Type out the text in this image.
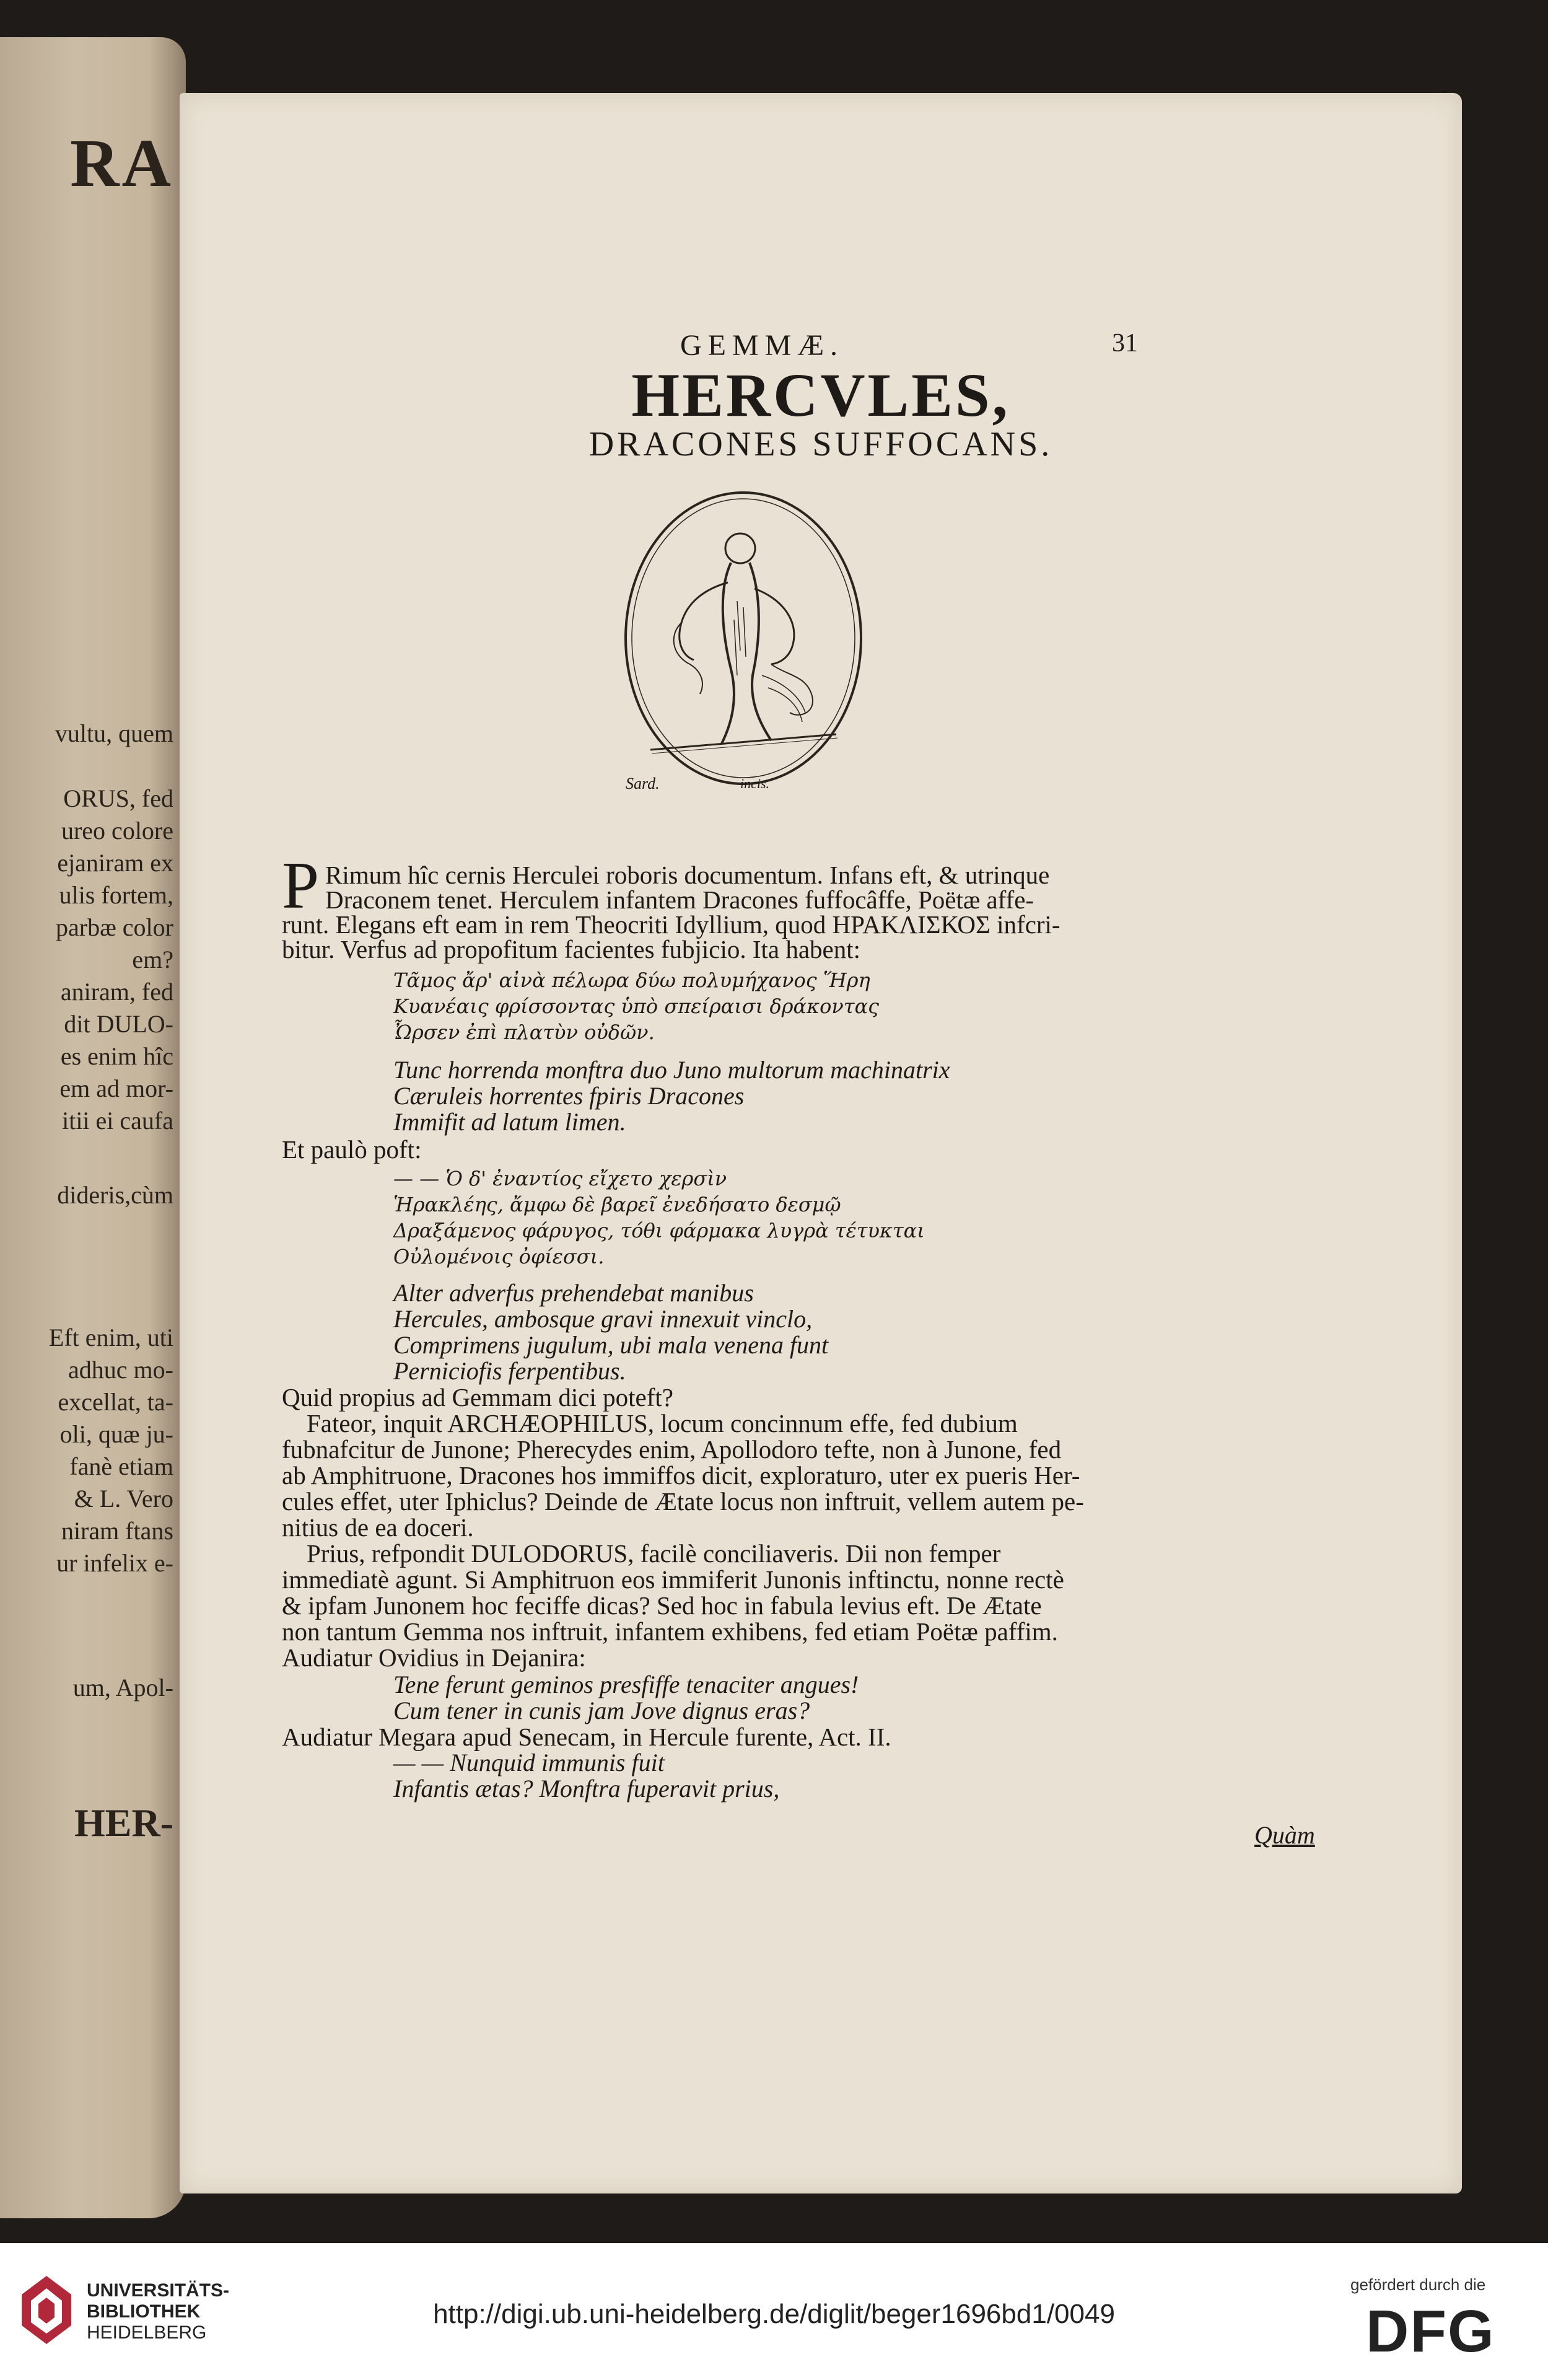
RA
vultu, quem
ORUS, fed
ureo colore
ejaniram ex
ulis fortem,
parbæ color
em?
aniram, fed
dit DULO-
es enim hîc
em ad mor-
itii ei caufa
dideris,cùm
Eft enim, uti
adhuc mo-
excellat, ta-
oli, quæ ju-
fanè etiam
& L. Vero
niram ftans
ur infelix e-
um, Apol-
HER-
GEMMÆ.	31
HERCVLES,
DRACONES SUFFOCANS.
Sard.	incis.
P Rimum hîc cernis Herculei roboris documentum. Infans eft, & utrinque
Draconem tenet. Herculem infantem Dracones fuffocâffe, Poëtæ affe-
runt. Elegans eft eam in rem Theocriti Idyllium, quod ΗΡΑΚΛΙΣΚΟΣ infcri-
bitur. Verfus ad propofitum facientes fubjicio. Ita habent:
Τᾶμος ἄρ' αἰνὰ πέλωρα δύω πολυμήχανος Ἥρη
Κυανέαις φρίσσοντας ὑπὸ σπείραισι δράκοντας
Ὦρσεν ἐπὶ πλατὺν οὐδῶν.
Tunc horrenda monftra duo Juno multorum machinatrix
Cæruleis horrentes fpiris Dracones
Immifit ad latum limen.
Et paulò poft:
— — Ὁ δ' ἐναντίος εἴχετο χερσὶν
Ἡρακλέης, ἄμφω δὲ βαρεῖ ἐνεδήσατο δεσμῷ
Δραξάμενος φάρυγος, τόθι φάρμακα λυγρὰ τέτυκται
Οὐλομένοις ὀφίεσσι.
Alter adverfus prehendebat manibus
Hercules, ambosque gravi innexuit vinclo,
Comprimens jugulum, ubi mala venena funt
Perniciofis ferpentibus.
Quid propius ad Gemmam dici poteft?
Fateor, inquit ARCHÆOPHILUS, locum concinnum effe, fed dubium
fubnafcitur de Junone; Pherecydes enim, Apollodoro tefte, non à Junone, fed
ab Amphitruone, Dracones hos immiffos dicit, exploraturo, uter ex pueris Her-
cules effet, uter Iphiclus? Deinde de Ætate locus non inftruit, vellem autem pe-
nitius de ea doceri.
Prius, refpondit DULODORUS, facilè conciliaveris. Dii non femper
immediatè agunt. Si Amphitruon eos immiferit Junonis inftinctu, nonne rectè
& ipfam Junonem hoc feciffe dicas? Sed hoc in fabula levius eft. De Ætate
non tantum Gemma nos inftruit, infantem exhibens, fed etiam Poëtæ paffim.
Audiatur Ovidius in Dejanira:
Tene ferunt geminos presfiffe tenaciter angues!
Cum tener in cunis jam Jove dignus eras?
Audiatur Megara apud Senecam, in Hercule furente, Act. II.
— — Nunquid immunis fuit
Infantis ætas? Monftra fuperavit prius,
Quàm
UNIVERSITÄTS-
BIBLIOTHEK
HEIDELBERG
http://digi.ub.uni-heidelberg.de/diglit/beger1696bd1/0049
gefördert durch die
DFG
